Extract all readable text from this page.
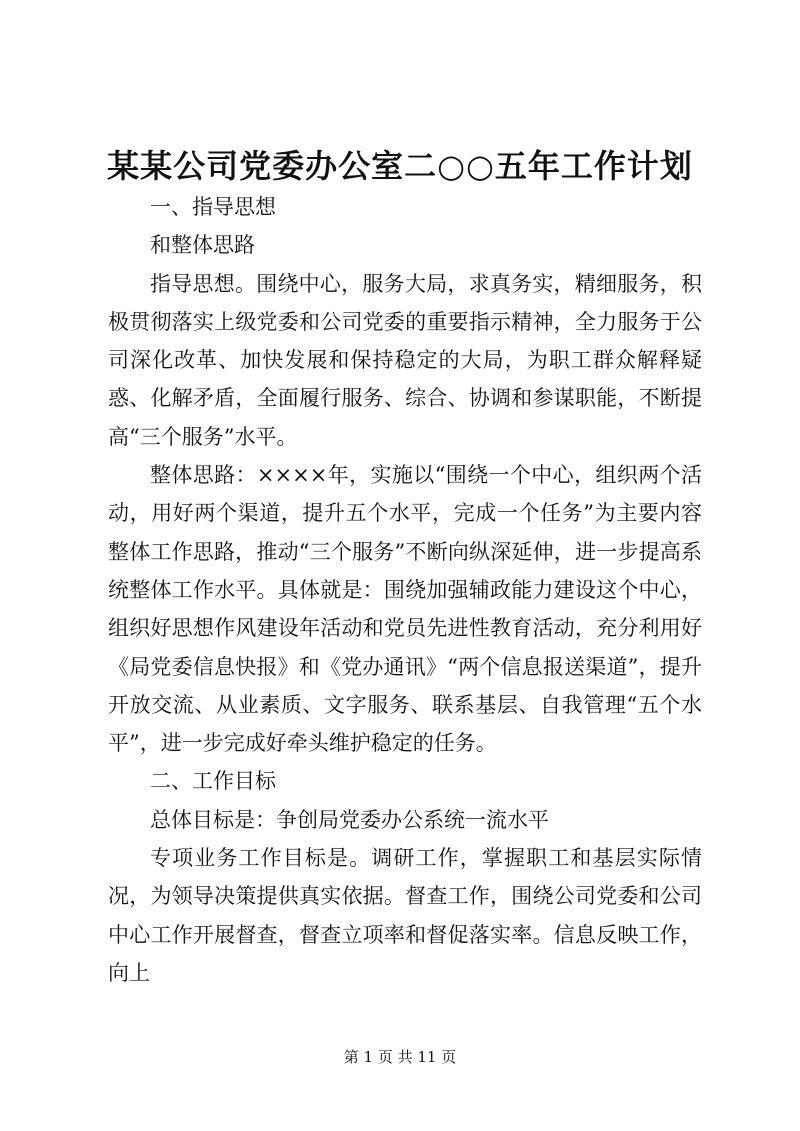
某某公司党委办公室二○○五年工作计划

一、指导思想

和整体思路

指导思想。围绕中心，服务大局，求真务实，精细服务，积极贯彻落实上级党委和公司党委的重要指示精神，全力服务于公司深化改革、加快发展和保持稳定的大局，为职工群众解释疑惑、化解矛盾，全面履行服务、综合、协调和参谋职能，不断提高“三个服务”水平。

整体思路：××××年，实施以“围绕一个中心，组织两个活动，用好两个渠道，提升五个水平，完成一个任务”为主要内容整体工作思路，推动“三个服务”不断向纵深延伸，进一步提高系统整体工作水平。具体就是：围绕加强辅政能力建设这个中心，组织好思想作风建设年活动和党员先进性教育活动，充分利用好《局党委信息快报》和《党办通讯》“两个信息报送渠道”，提升开放交流、从业素质、文字服务、联系基层、自我管理“五个水平”，进一步完成好牵头维护稳定的任务。

二、工作目标

总体目标是：争创局党委办公系统一流水平

专项业务工作目标是。调研工作，掌握职工和基层实际情况，为领导决策提供真实依据。督查工作，围绕公司党委和公司中心工作开展督查，督查立项率和督促落实率。信息反映工作，向上

第 1 页 共 11 页
